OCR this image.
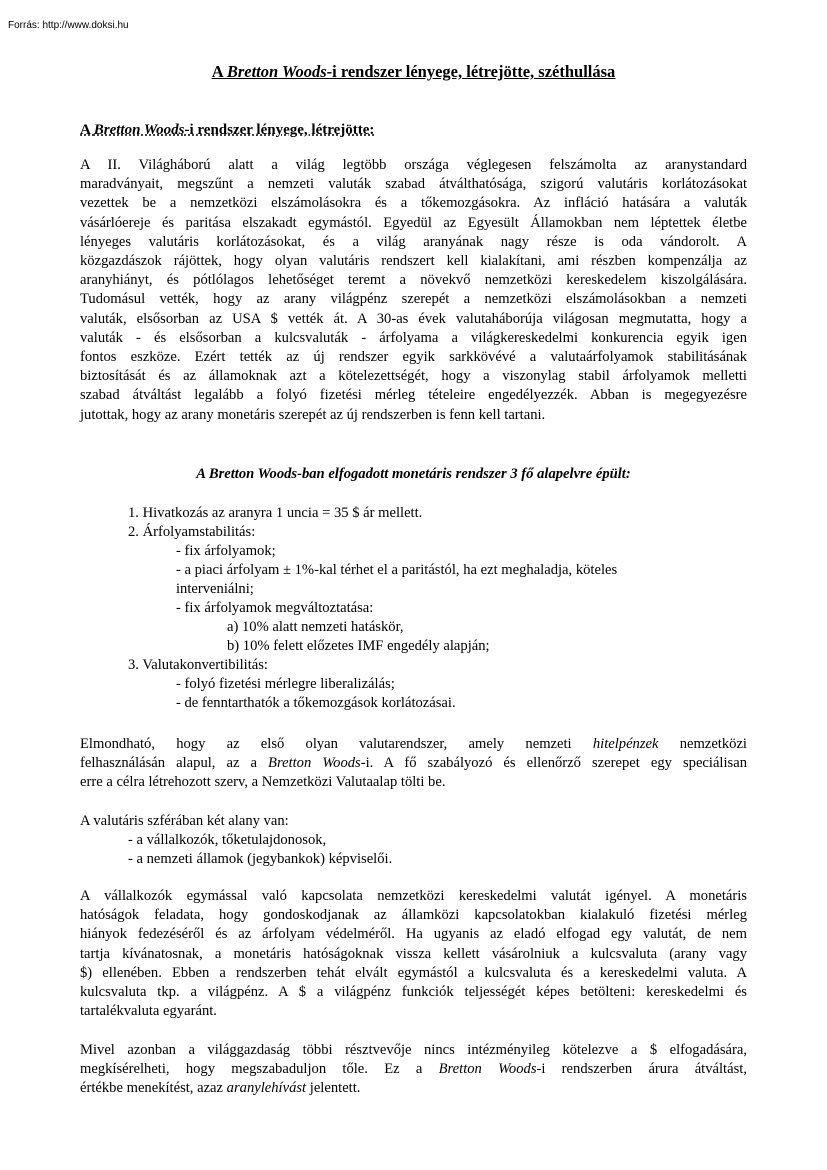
Forrás: http://www.doksi.hu
A Bretton Woods-i rendszer lényege, létrejötte, széthullása
A Bretton Woods-i rendszer lényege, létrejötte:
A II. Világháború alatt a világ legtöbb országa véglegesen felszámolta az aranystandard
maradványait, megszűnt a nemzeti valuták szabad átválthatósága, szigorú valutáris korlátozásokat
vezettek be a nemzetközi elszámolásokra és a tőkemozgásokra. Az infláció hatására a valuták
vásárlóereje és paritása elszakadt egymástól. Egyedül az Egyesült Államokban nem léptettek életbe
lényeges valutáris korlátozásokat, és a világ aranyának nagy része is oda vándorolt. A
közgazdászok rájöttek, hogy olyan valutáris rendszert kell kialakítani, ami részben kompenzálja az
aranyhiányt, és pótlólagos lehetőséget teremt a növekvő nemzetközi kereskedelem kiszolgálására.
Tudomásul vették, hogy az arany világpénz szerepét a nemzetközi elszámolásokban a nemzeti
valuták, elsősorban az USA $ vették át. A 30-as évek valutaháborúja világosan megmutatta, hogy a
valuták - és elsősorban a kulcsvaluták - árfolyama a világkereskedelmi konkurencia egyik igen
fontos eszköze. Ezért tették az új rendszer egyik sarkkövévé a valutaárfolyamok stabilitásának
biztosítását és az államoknak azt a kötelezettségét, hogy a viszonylag stabil árfolyamok melletti
szabad átváltást legalább a folyó fizetési mérleg tételeire engedélyezzék. Abban is megegyezésre
jutottak, hogy az arany monetáris szerepét az új rendszerben is fenn kell tartani.
A Bretton Woods-ban elfogadott monetáris rendszer 3 fő alapelvre épült:
1. Hivatkozás az aranyra 1 uncia = 35 $ ár mellett.
2. Árfolyamstabilitás:
- fix árfolyamok;
- a piaci árfolyam ± 1%-kal térhet el a paritástól, ha ezt meghaladja, köteles
interveniálni;
- fix árfolyamok megváltoztatása:
a) 10% alatt nemzeti hatáskör,
b) 10% felett előzetes IMF engedély alapján;
3. Valutakonvertibilitás:
- folyó fizetési mérlegre liberalizálás;
- de fenntarthatók a tőkemozgások korlátozásai.
Elmondható, hogy az első olyan valutarendszer, amely nemzeti hitelpénzek nemzetközi
felhasználásán alapul, az a Bretton Woods-i. A fő szabályozó és ellenőrző szerepet egy speciálisan
erre a célra létrehozott szerv, a Nemzetközi Valutaalap tölti be.
A valutáris szférában két alany van:
- a vállalkozók, tőketulajdonosok,
- a nemzeti államok (jegybankok) képviselői.
A vállalkozók egymással való kapcsolata nemzetközi kereskedelmi valutát igényel. A monetáris
hatóságok feladata, hogy gondoskodjanak az államközi kapcsolatokban kialakuló fizetési mérleg
hiányok fedezéséről és az árfolyam védelméről. Ha ugyanis az eladó elfogad egy valutát, de nem
tartja kívánatosnak, a monetáris hatóságoknak vissza kellett vásárolniuk a kulcsvaluta (arany vagy
$) ellenében. Ebben a rendszerben tehát elvált egymástól a kulcsvaluta és a kereskedelmi valuta. A
kulcsvaluta tkp. a világpénz. A $ a világpénz funkciók teljességét képes betölteni: kereskedelmi és
tartalékvaluta egyaránt.
Mivel azonban a világgazdaság többi résztvevője nincs intézményileg kötelezve a $ elfogadására,
megkísérelheti, hogy megszabaduljon tőle. Ez a Bretton Woods-i rendszerben árura átváltást,
értékbe menekítést, azaz aranylehívást jelentett.
